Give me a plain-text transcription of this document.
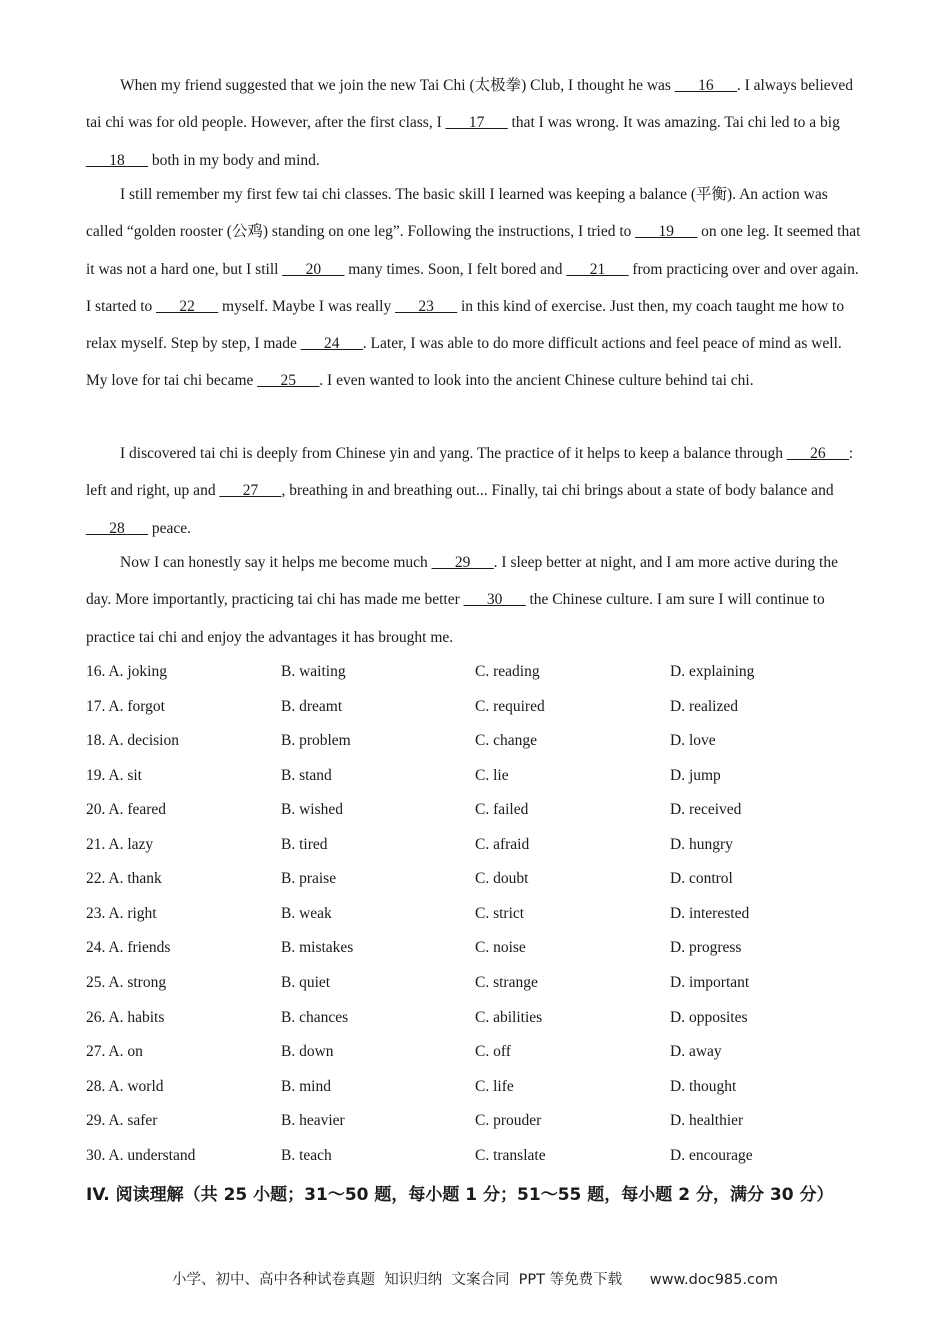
When my friend suggested that we join the new Tai Chi (太极拳) Club, I thought he was ___16___. I always believed tai chi was for old people. However, after the first class, I ___17___ that I was wrong. It was amazing. Tai chi led to a big ___18___ both in my body and mind.

I still remember my first few tai chi classes. The basic skill I learned was keeping a balance (平衡). An action was called “golden rooster (公鸡) standing on one leg”. Following the instructions, I tried to ___19___ on one leg. It seemed that it was not a hard one, but I still ___20___ many times. Soon, I felt bored and ___21___ from practicing over and over again. I started to ___22___ myself. Maybe I was really ___23___ in this kind of exercise. Just then, my coach taught me how to relax myself. Step by step, I made ___24___. Later, I was able to do more difficult actions and feel peace of mind as well. My love for tai chi became ___25___. I even wanted to look into the ancient Chinese culture behind tai chi.

I discovered tai chi is deeply from Chinese yin and yang. The practice of it helps to keep a balance through ___26___: left and right, up and ___27___, breathing in and breathing out... Finally, tai chi brings about a state of body balance and ___28___ peace.

Now I can honestly say it helps me become much ___29___. I sleep better at night, and I am more active during the day. More importantly, practicing tai chi has made me better ___30___ the Chinese culture. I am sure I will continue to practice tai chi and enjoy the advantages it has brought me.

16. A. joking	B. waiting	C. reading	D. explaining
17. A. forgot	B. dreamt	C. required	D. realized
18. A. decision	B. problem	C. change	D. love
19. A. sit	B. stand	C. lie	D. jump
20. A. feared	B. wished	C. failed	D. received
21. A. lazy	B. tired	C. afraid	D. hungry
22. A. thank	B. praise	C. doubt	D. control
23. A. right	B. weak	C. strict	D. interested
24. A. friends	B. mistakes	C. noise	D. progress
25. A. strong	B. quiet	C. strange	D. important
26. A. habits	B. chances	C. abilities	D. opposites
27. A. on	B. down	C. off	D. away
28. A. world	B. mind	C. life	D. thought
29. A. safer	B. heavier	C. prouder	D. healthier
30. A. understand	B. teach	C. translate	D. encourage
IV. 阅读理解（共 25 小题；31～50 题，每小题 1 分；51～55 题，每小题 2 分，满分 30 分）
小学、初中、高中各种试卷真题  知识归纳  文案合同  PPT 等免费下载      www.doc985.com
